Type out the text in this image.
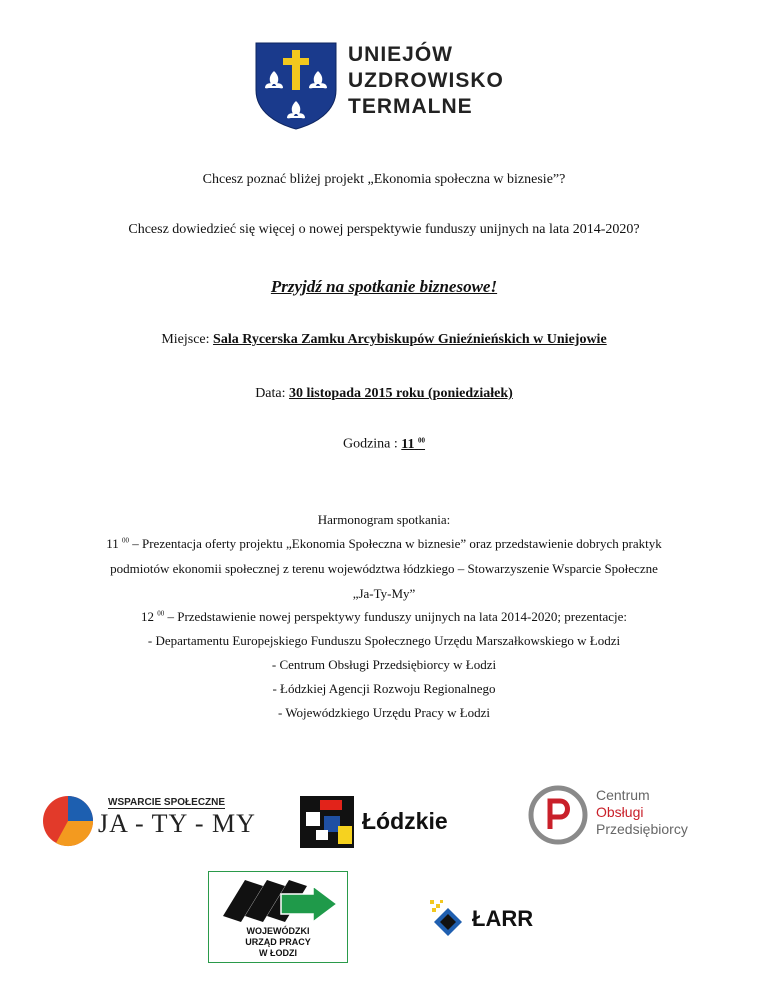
UNIEJÓW
UZDROWISKO
TERMALNE
Chcesz poznać bliżej projekt „Ekonomia społeczna w biznesie”?
Chcesz dowiedzieć się więcej o nowej perspektywie funduszy unijnych na lata 2014-2020?
Przyjdź na spotkanie biznesowe!
Miejsce: Sala Rycerska Zamku Arcybiskupów Gnieźnieńskich w Uniejowie
Data: 30 listopada 2015 roku (poniedziałek)
Godzina : 11 $^{00}$
Harmonogram spotkania:
11 $^{00}$ – Prezentacja oferty projektu „Ekonomia Społeczna w biznesie” oraz przedstawienie dobrych praktyk
podmiotów ekonomii społecznej z terenu województwa łódzkiego – Stowarzyszenie Wsparcie Społeczne
„Ja-Ty-My”
12 $^{00}$ – Przedstawienie nowej perspektywy funduszy unijnych na lata 2014-2020; prezentacje:
- Departamentu Europejskiego Funduszu Społecznego Urzędu Marszałkowskiego w Łodzi
- Centrum Obsługi Przedsiębiorcy w Łodzi
- Łódzkiej Agencji Rozwoju Regionalnego
- Wojewódzkiego Urzędu Pracy w Łodzi
WSPARCIE SPOŁECZNE
JA - TY - MY	Łódzkie
Centrum
Obsługi
Przedsiębiorcy
WOJEWÓDZKI
URZĄD PRACY
W ŁODZI
ŁARR
